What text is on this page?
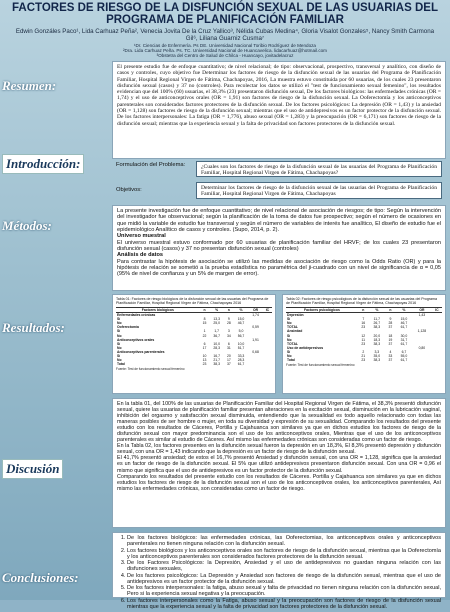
FACTORES DE RIESGO DE LA DISFUNCIÓN SEXUAL DE LAS USUARIAS DEL PROGRAMA DE PLANIFICACIÓN FAMILIAR
Edwin Gonzáles Paco¹, Lida Carhuaz Peña², Venecia Jovita De la Cruz Yallico³, Nélida Cubas Medina⁴, Gloria Visalot Gonzales⁵, Nancy Smith Carmona Gil⁶, Liliana Guarniz Cusma⁷
¹Dr. Ciencias de Enfermería. Ps DE. Universidad Nacional Toribio Rodríguez de Mendoza
²Dra. Lida Carhuaz Peña. Ps. TC. Universidad Nacional de Huancavelica. lidacarhuaz@hotmail.com
³Obstetra del Centro de Salud de Chilca - Huancayo, jovitadelacruz
Resumen:

El presente estudio fue de enfoque cuantitativo; de nivel relacional; de tipo: observacional, prospectivo, transversal y analítico, con diseño de casos y controles, cuyo objetivo fue Determinar los factores de riesgo de la disfunción sexual de las usuarias del Programa de Planificación Familiar, Hospital Regional Virgen de Fátima, Chachapoyas, 2016, La muestra estuvo constituida por 60 usuarias, de los cuales 23 presentaron disfunción sexual (casos) y 37 no (controles). Para recolectar los datos se utilizó el "test de funcionamiento sexual femenino", los resultados evidencian que del 100% (60) usuarias, el 38,3% (23) presentaron disfunción sexual, De los factores biológicos: las enfermedades crónicas (OR = 1,74) y el uso de anticonceptivos orales (OR = 1,91) son factores de riesgo de la disfunción sexual. La Ooferectomía y los anticonceptivos parenterales son considerados factores protectores de la disfunción sexual. De los factores psicológicos: La depresión (OR = 1,43) y la ansiedad (OR = 1,128) son factores de riesgo de la disfunción sexual; mientras que el uso de antidepresivos es un factor protector de la disfunción sexual. De los factores interpersonales: La fatiga (OR = 1,776), abuso sexual (OR = 1,283) y la preocupación (OR = 6,171) son factores de riesgo de la disfunción sexual; mientras que la experiencia sexual y la falta de privacidad son factores protectores de la disfunción sexual.

Introducción:	Formulación del Problema:	¿Cuales son los factores de riesgo de la disfunción sexual de las usuarias del Programa de Planificación Familiar, Hospital Regional Virgen de Fátima, Chachapoyas?
Objetivos:	Determinar los factores de riesgo de la disfunción sexual de las usuarias del Programa de Planificación Familiar, Hospital Regional Virgen de Fátima, Chachapoyas
Métodos:
La presente investigación fue de enfoque cuantitativo; de nivel relacional de asociación de riesgos; de tipo: Según la intervención del investigador fue observacional; según la planificación de la toma de datos fue prospectivo; según el número de ocasiones en que midió la variable de estudio fue transversal y según el número de variables de interés fue analítico, El diseño de estudio fue el epidemiológico Analítico de casos y controles. (Supo, 2014, p. 2).
Universo muestral
El universo muestral estuvo conformado por 60 usuarias de planificación familiar del HRVF; de los cuales 23 presentaron disfunción sexual (casos) y 37 no presentan disfunción sexual (controles)
Análisis de datos
Para contrastar la hipótesis de asociación se utilizó las medidas de asociación de riesgo como la Odds Ratio (OR) y para la hipótesis de relación se sometió a la prueba estadística no paramétrica del ji-cuadrado con un nivel de significancia de α = 0,05 (95% de nivel de confianza y un 5% de margen de error).
Resultados:
Tabla 01: Factores de riesgo biológicos de la disfunción sexual de las usuarias del Programa de Planificación Familiar, Hospital Regional Virgen de Fátima, Chachapoyas 2016
Factores biológicos	n	%	n	%	OR	IC
Enfermedades crónicas					1,74	
Sí	8	13,3	9	15,0		
No	15	25,0	28	46,7		
Ooferectomía					0,59	
Sí	1	1,7	3	5,0		
No	22	36,7	34	56,7		
Anticonceptivos orales					1,91	
Sí	6	10,0	6	10,0		
No	17	28,3	31	51,7		
Anticonceptivos parenterales					0,68	
Sí	10	16,7	20	33,3		
No	13	21,7	17	28,3		
Total	23	38,3	37	61,7		
Fuente: Test de funcionamiento sexual femenino
Tabla 02: Factores de riesgo psicológicos de la disfunción sexual de las usuarias del Programa de Planificación Familiar, Hospital Regional Virgen de Fátima, Chachapoyas 2016
Factores psicológicos	n	%	n	%	OR	IC
Depresión					1,43	
Sí	7	11,7	9	15,0		
No	16	26,7	28	46,7		
TOTAL	23	38,3	37	61,7		
Ansiedad					1,128	
Sí	12	20,0	18	30,0		
No	11	18,3	19	31,7		
TOTAL	23	38,3	37	61,7		
Uso de antidepresivos					0,80	
Sí	2	3,3	4	6,7		
No	21	35,0	33	55,0		
Total	23	38,3	37	61,7		
Fuente: Test de funcionamiento sexual femenino
Discusión
En la tabla 01, del 100% de las usuarias de Planificación Familiar del Hospital Regional Virgen de Fátima, el 38,3% presentó disfunción sexual, quiere las usuarias de planificación familiar presentan alteraciones en la excitación sexual, disminución en la lubricación vaginal, inhibición del orgasmo y satisfacción sexual disminuida, entendiendo que la sexualidad es todo aquello relacionado con todas las maneras posibles de ser hombre o mujer, en toda su diversidad y expresión de su sexualidad. Comparando los resultados del presente estudio con los resultados de Cáceres, Portilla y Cajahuanca son similares ya que en dichos estudios los factores de riesgo de la disfunción sexual con mayor predominancia son el uso de los anticonceptivos orales, Mientras que el uso de los anticonceptivos parenterales es similar al estudio de Cáceres. Así mismo las enfermedades crónicas son consideradas como un factor de riesgo.
En la Tabla 02, los factores presentes en la disfunción sexual fueron la depresión en un 18,3%, El 8,3% presentó depresión y disfunción sexual, con una OR = 1,43 indicando que la depresión es un factor de riesgo de la disfunción sexual.
El 41,7% presentó ansiedad; de estos el 16,7% presentó Ansiedad y disfunción sexual, con una OR = 1,128, significa que la ansiedad es un factor de riesgo de la disfunción sexual. El 5% que utilizó antidepresivos presentaron disfunción sexual. Con una OR = 0,96 el mismo que significa que el uso de antidepresivos es un factor protector de la disfunción sexual.
Comparando los resultados del presente estudio con los resultados de Cáceres. Portilla y Cajahuanca son similares ya que en dichos estudios los factores de riesgo de la disfunción sexual son el uso de los anticonceptivos orales, los anticonceptivos parenterales, Así mismo las enfermedades crónicas, son consideradas como un factor de riesgo.
Conclusiones:
1. De los factores biológicos: las enfermedades crónicas, las Ooferectomias, los anticonceptivos orales y anticonceptivos parenterales no tienen ninguna relación con la disfunción sexual.
2. Los factores biológicos y los anticonceptivos orales son factores de riesgo de la disfunción sexual, mientras que la Ooferectomía y los anticonceptivos parenterales son considerados factores protectores de la disfunción sexual.
3. De los Factores Psicológicos: la Depresión, Ansiedad y el uso de antidepresivos no guardan ninguna relación con las disfunciones sexuales,
4. De los factores psicológicos: La Depresión y Ansiedad son factores de riesgo de la disfunción sexual, mientras que el uso de antidepresivos es un factor protector de la disfunción sexual.
5. De los factores interpersonales: la fatiga, abuso sexual y falta de privacidad no tienen ninguna relación con la disfunción sexual, Pero si la experiencia sexual negativa y la preocupación.
6. Los factores interpersonales como la Fatiga, abuso sexual y la preocupación son factores de riesgo de la disfunción sexual mientras que la experiencia sexual y la falta de privacidad son factores protectores de la disfunción sexual.
